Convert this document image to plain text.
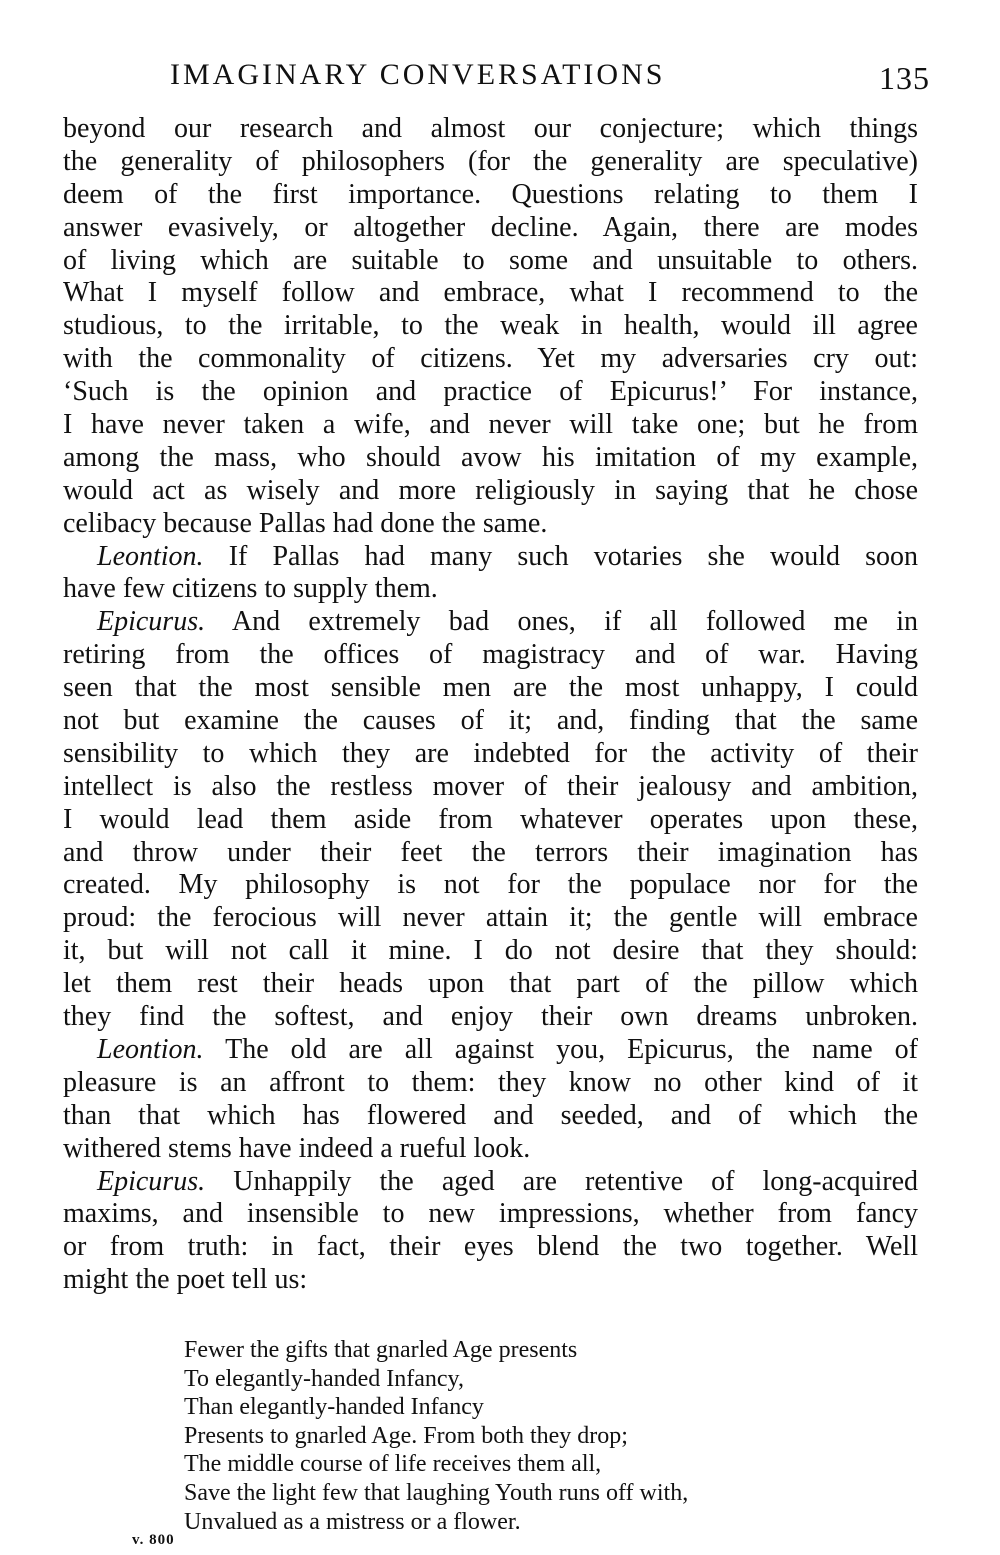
IMAGINARY CONVERSATIONS	135
beyond our research and almost our conjecture; which things
the generality of philosophers (for the generality are speculative)
deem of the first importance. Questions relating to them I
answer evasively, or altogether decline. Again, there are modes
of living which are suitable to some and unsuitable to others.
What I myself follow and embrace, what I recommend to the
studious, to the irritable, to the weak in health, would ill agree
with the commonality of citizens. Yet my adversaries cry out:
‘Such is the opinion and practice of Epicurus!’ For instance,
I have never taken a wife, and never will take one; but he from
among the mass, who should avow his imitation of my example,
would act as wisely and more religiously in saying that he chose
celibacy because Pallas had done the same.
Leontion. If Pallas had many such votaries she would soon
have few citizens to supply them.
Epicurus. And extremely bad ones, if all followed me in
retiring from the offices of magistracy and of war. Having
seen that the most sensible men are the most unhappy, I could
not but examine the causes of it; and, finding that the same
sensibility to which they are indebted for the activity of their
intellect is also the restless mover of their jealousy and ambition,
I would lead them aside from whatever operates upon these,
and throw under their feet the terrors their imagination has
created. My philosophy is not for the populace nor for the
proud: the ferocious will never attain it; the gentle will embrace
it, but will not call it mine. I do not desire that they should:
let them rest their heads upon that part of the pillow which
they find the softest, and enjoy their own dreams unbroken.
Leontion. The old are all against you, Epicurus, the name of
pleasure is an affront to them: they know no other kind of it
than that which has flowered and seeded, and of which the
withered stems have indeed a rueful look.
Epicurus. Unhappily the aged are retentive of long-acquired
maxims, and insensible to new impressions, whether from fancy
or from truth: in fact, their eyes blend the two together. Well
might the poet tell us:
Fewer the gifts that gnarled Age presents
To elegantly-handed Infancy,
Than elegantly-handed Infancy
Presents to gnarled Age. From both they drop;
The middle course of life receives them all,
Save the light few that laughing Youth runs off with,
Unvalued as a mistress or a flower.
v. 800
